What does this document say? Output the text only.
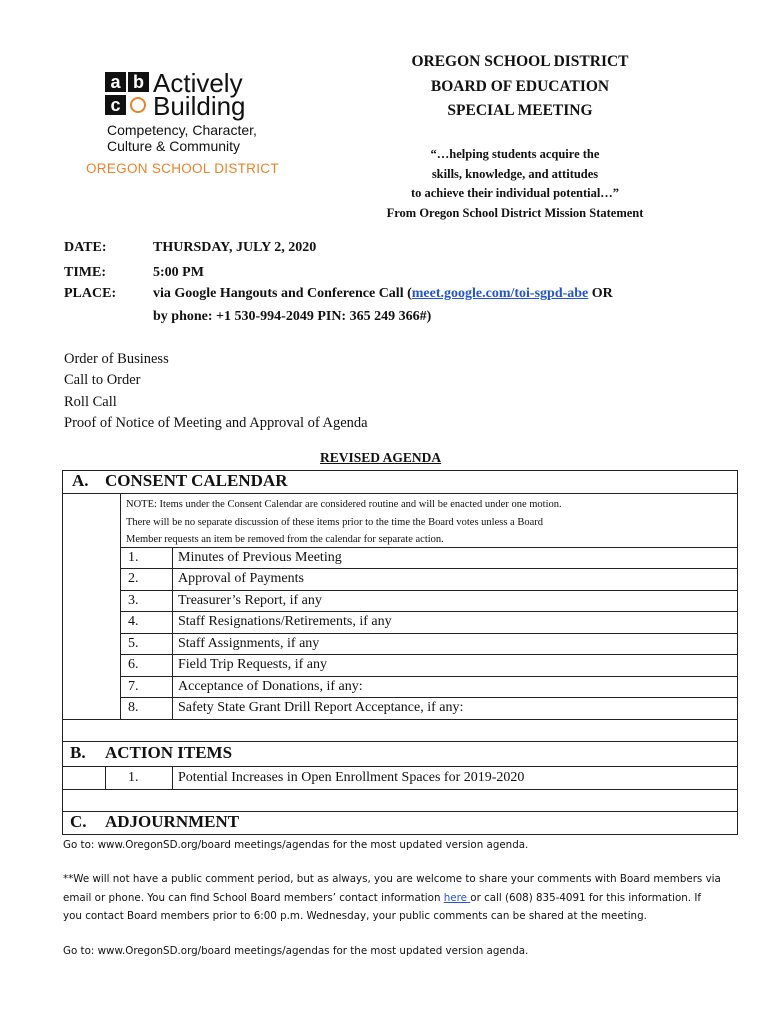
a b
c
Actively
Building
Competency, Character,
Culture & Community
OREGON SCHOOL DISTRICT
OREGON SCHOOL DISTRICT
BOARD OF EDUCATION
SPECIAL MEETING
“…helping students acquire the
skills, knowledge, and attitudes
to achieve their individual potential…”
From Oregon School District Mission Statement
DATE:	THURSDAY, JULY 2, 2020
TIME:	5:00 PM
PLACE:	via Google Hangouts and Conference Call (meet.google.com/toi-sgpd-abe OR
by phone: +1 530-994-2049 PIN: 365 249 366#)
Order of Business
Call to Order
Roll Call
Proof of Notice of Meeting and Approval of Agenda
REVISED AGENDA
A. CONSENT CALENDAR
NOTE: Items under the Consent Calendar are considered routine and will be enacted under one motion.
There will be no separate discussion of these items prior to the time the Board votes unless a Board
Member requests an item be removed from the calendar for separate action.
1.	Minutes of Previous Meeting
2.	Approval of Payments
3.	Treasurer’s Report, if any
4.	Staff Resignations/Retirements, if any
5.	Staff Assignments, if any
6.	Field Trip Requests, if any
7.	Acceptance of Donations, if any:
8.	Safety State Grant Drill Report Acceptance, if any:
B. ACTION ITEMS
1.	Potential Increases in Open Enrollment Spaces for 2019-2020
C. ADJOURNMENT
Go to: www.OregonSD.org/board meetings/agendas for the most updated version agenda.
**We will not have a public comment period, but as always, you are welcome to share your comments with Board members via
email or phone. You can find School Board members’ contact information here or call (608) 835-4091 for this information. If
you contact Board members prior to 6:00 p.m. Wednesday, your public comments can be shared at the meeting.
Go to: www.OregonSD.org/board meetings/agendas for the most updated version agenda.
